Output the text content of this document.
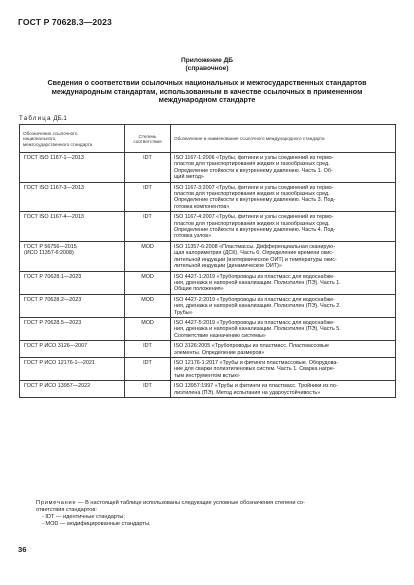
ГОСТ Р 70628.3—2023
Приложение ДБ
(справочное)
Сведения о соответствии ссылочных национальных и межгосударственных стандартов
международным стандартам, использованным в качестве ссылочных в примененном
международном стандарте
Таблица ДБ.1
Обозначение ссылочного
национального,
межгосударственного стандарта	Степень
соответствия	Обозначение и наименование ссылочного международного стандарта

ГОСТ ISO 1167-1—2013	IDT	ISO 1167-1:2006 «Трубы, фитинги и узлы соединений из термо-
пластов для транспортирования жидких и газообразных сред.
Определение стойкости к внутреннему давлению. Часть 1. Об-
щий метод»

ГОСТ ISO 1167-3—2013	IDT	ISO 1167-3:2007 «Трубы, фитинги и узлы соединений из термо-
пластов для транспортирования жидких и газообразных сред.
Определение стойкости к внутреннему давлению. Часть 3. Под-
готовка компонентов»

ГОСТ ISO 1167-4—2013	IDT	ISO 1167-4:2007 «Трубы, фитинги и узлы соединений из термо-
пластов для транспортирования жидких и газообразных сред.
Определение стойкости к внутреннему давлению. Часть 4. Под-
готовка узлов»

ГОСТ Р 56756—2015
(ИСО 11357-6:2008)	MOD	ISO 11357-6:2008 «Пластмассы. Дифференциальная сканирую-
щая калориметрия (ДСК). Часть 6. Определение времени окис-
лительной индукции (изотермическое ОИТ) и температуры окис-
лительной индукции (динамическое ОИТ)»

ГОСТ Р 70628.1—2023	MOD	ISO 4427-1:2019 «Трубопроводы из пластмасс для водоснабже-
ния, дренажа и напорной канализации. Полиэтилен (ПЭ). Часть 1.
Общие положения»

ГОСТ Р 70628.2—2023	MOD	ISO 4427-2:2019 «Трубопроводы из пластмасс для водоснабже-
ния, дренажа и напорной канализации. Полиэтилен (ПЭ). Часть 2.
Трубы»

ГОСТ Р 70628.5—2023	MOD	ISO 4427-5:2019 «Трубопроводы из пластмасс для водоснабже-
ния, дренажа и напорной канализации. Полиэтилен (ПЭ). Часть 5.
Соответствие назначению системы»

ГОСТ Р ИСО 3126—2007	IDT	ISO 3126:2005 «Трубопроводы из пластмасс. Пластмассовые
элементы. Определение размеров»

ГОСТ Р ИСО 12176-1—2021	IDT	ISO 12176-1:2017 «Трубы и фитинги пластмассовые. Оборудова-
ние для сварки полиэтиленовых систем. Часть 1. Сварка нагре-
тым инструментом встык»

ГОСТ Р ИСО 13957—2022	IDT	ISO 13957:1997 «Трубы и фитинги из пластмасс. Тройники из по-
лиэтилена (ПЭ). Метод испытания на удароустойчивость»
Примечание — В настоящей таблице использованы следующие условные обозначения степени со-
ответствия стандартов:
- IDT — идентичные стандарты;
- MOD — модифицированные стандарты.
36
